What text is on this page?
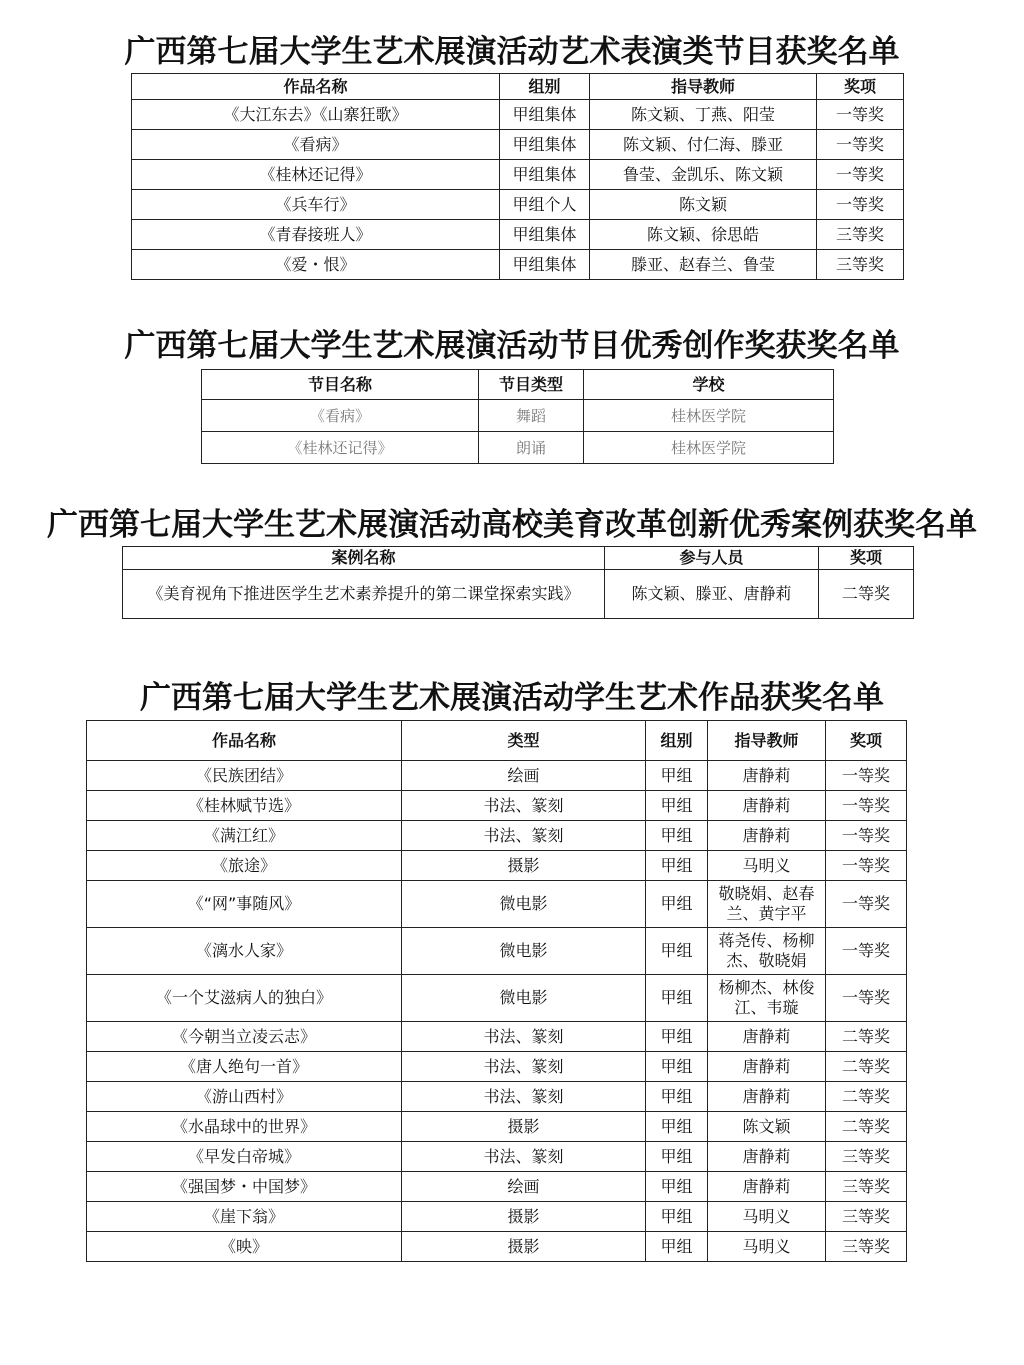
广西第七届大学生艺术展演活动艺术表演类节目获奖名单
作品名称	组别	指导教师	奖项
《大江东去》《山寨狂歌》	甲组集体	陈文颖、丁燕、阳莹	一等奖
《看病》	甲组集体	陈文颖、付仁海、滕亚	一等奖
《桂林还记得》	甲组集体	鲁莹、金凯乐、陈文颖	一等奖
《兵车行》	甲组个人	陈文颖	一等奖
《青春接班人》	甲组集体	陈文颖、徐思皓	三等奖
《爱・恨》	甲组集体	滕亚、赵春兰、鲁莹	三等奖
广西第七届大学生艺术展演活动节目优秀创作奖获奖名单
节目名称	节目类型	学校
《看病》	舞蹈	桂林医学院
《桂林还记得》	朗诵	桂林医学院
广西第七届大学生艺术展演活动高校美育改革创新优秀案例获奖名单
案例名称	参与人员	奖项
《美育视角下推进医学生艺术素养提升的第二课堂探索实践》	陈文颖、滕亚、唐静莉	二等奖
广西第七届大学生艺术展演活动学生艺术作品获奖名单
作品名称	类型	组别	指导教师	奖项
《民族团结》	绘画	甲组	唐静莉	一等奖
《桂林赋节选》	书法、篆刻	甲组	唐静莉	一等奖
《满江红》	书法、篆刻	甲组	唐静莉	一等奖
《旅途》	摄影	甲组	马明义	一等奖
《“网”事随风》	微电影	甲组	敬晓娟、赵春兰、黄宇平	一等奖
《漓水人家》	微电影	甲组	蒋尧传、杨柳杰、敬晓娟	一等奖
《一个艾滋病人的独白》	微电影	甲组	杨柳杰、林俊江、韦璇	一等奖
《今朝当立凌云志》	书法、篆刻	甲组	唐静莉	二等奖
《唐人绝句一首》	书法、篆刻	甲组	唐静莉	二等奖
《游山西村》	书法、篆刻	甲组	唐静莉	二等奖
《水晶球中的世界》	摄影	甲组	陈文颖	二等奖
《早发白帝城》	书法、篆刻	甲组	唐静莉	三等奖
《强国梦・中国梦》	绘画	甲组	唐静莉	三等奖
《崖下翁》	摄影	甲组	马明义	三等奖
《映》	摄影	甲组	马明义	三等奖
